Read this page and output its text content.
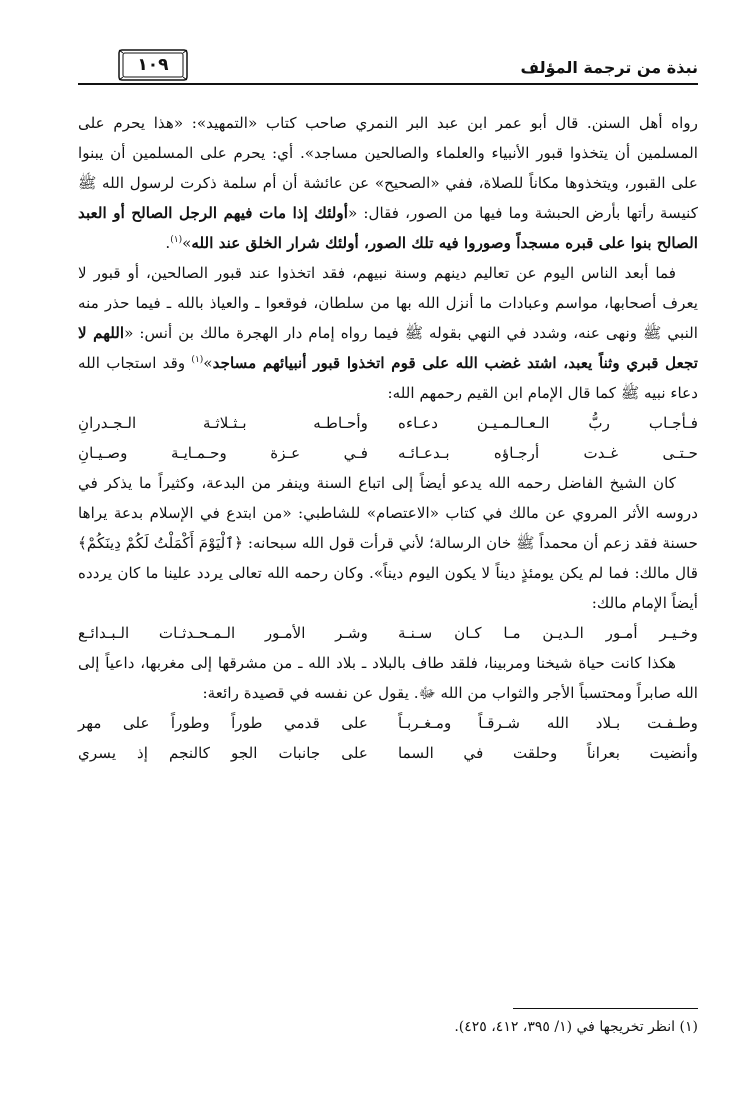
نبذة من ترجمة المؤلف
١٠٩

رواه أهل السنن. قال أبو عمر ابن عبد البر النمري صاحب كتاب «التمهيد»: «هذا يحرم على المسلمين أن يتخذوا قبور الأنبياء والعلماء والصالحين مساجد». أي: يحرم على المسلمين أن يبنوا على القبور، ويتخذوها مكاناً للصلاة، ففي «الصحيح» عن عائشة أن أم سلمة ذكرت لرسول الله ﷺ كنيسة رأتها بأرض الحبشة وما فيها من الصور، فقال: «أولئك إذا مات فيهم الرجل الصالح أو العبد الصالح بنوا على قبره مسجداً وصوروا فيه تلك الصور، أولئك شرار الخلق عند الله»$^{(١)}$.

فما أبعد الناس اليوم عن تعاليم دينهم وسنة نبيهم، فقد اتخذوا عند قبور الصالحين، أو قبور لا يعرف أصحابها، مواسم وعبادات ما أنزل الله بها من سلطان، فوقعوا ـ والعياذ بالله ـ فيما حذر منه النبي ﷺ ونهى عنه، وشدد في النهي بقوله ﷺ فيما رواه إمام دار الهجرة مالك بن أنس: «اللهم لا تجعل قبري وثناً يعبد، اشتد غضب الله على قوم اتخذوا قبور أنبيائهم مساجد»$^{(١)}$ وقد استجاب الله دعاء نبيه ﷺ كما قال الإمام ابن القيم رحمهم الله:

فـأجـاب ربُّ الـعـالـمـيـن دعـاءه
وأحـاطـه بـثـلاثـة الـجـدرانِ
حـتـى غـدت أرجـاؤه بـدعـائـه
فـي عـزة وحـمـايـة وصـيـانِ

كان الشيخ الفاضل رحمه الله يدعو أيضاً إلى اتباع السنة وينفر من البدعة، وكثيراً ما يذكر في دروسه الأثر المروي عن مالك في كتاب «الاعتصام» للشاطبي: «من ابتدع في الإسلام بدعة يراها حسنة فقد زعم أن محمداً ﷺ خان الرسالة؛ لأني قرأت قول الله سبحانه: ﴿ٱلْيَوْمَ أَكْمَلْتُ لَكُمْ دِينَكُمْ﴾ قال مالك: فما لم يكن يومئذٍ ديناً لا يكون اليوم ديناً». وكان رحمه الله تعالى يردد علينا ما كان يردده أيضاً الإمام مالك:

وخـيـر أمـور الـديـن مـا كـان سـنـة
وشـر الأمـور الـمـحـدثـات الـبـدائـع

هكذا كانت حياة شيخنا ومربينا، فلقد طاف بالبلاد ـ بلاد الله ـ من مشرقها إلى مغربها، داعياً إلى الله صابراً ومحتسباً الأجر والثواب من الله ﷻ. يقول عن نفسه في قصيدة رائعة:

وطـفـت بـلاد الله شـرقـاً ومـغـربـاً
على قدمي طوراً وطوراً على مهر
وأنضيت بعراناً وحلقت في السما
على جانبات الجو كالنجم إذ يسري
(١) انظر تخريجها في (١/ ٣٩٥، ٤١٢، ٤٢٥).
